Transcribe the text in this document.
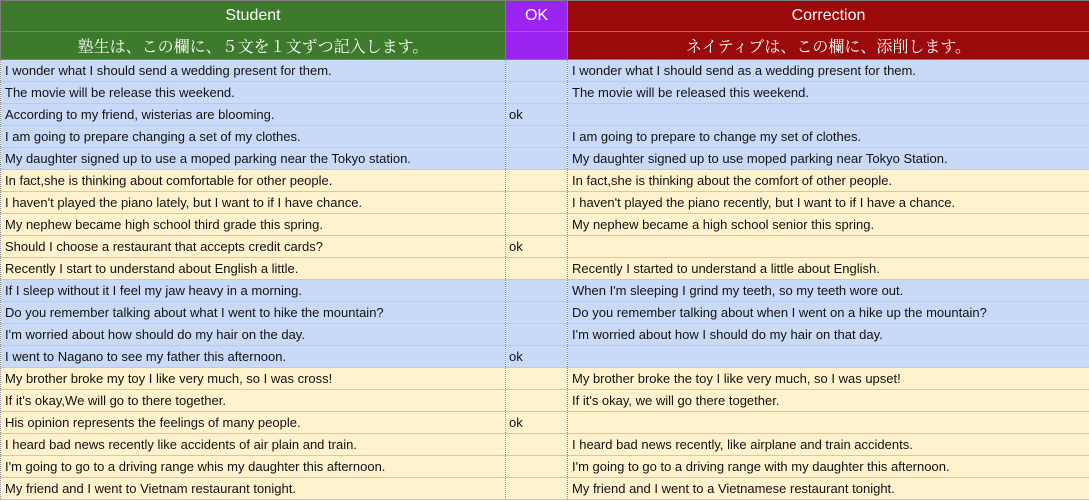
Student	OK	Correction
塾生は、この欄に、５文を１文ずつ記入します。		ネイティブは、この欄に、添削します。
I wonder what I should send a wedding present for them.		I wonder what I should send as a wedding present for them.
The movie will be release this weekend.		The movie will be released this weekend.
According to my friend, wisterias are blooming.	ok	
I am going to prepare changing a set of my clothes.		I am going to prepare to change my set of clothes.
My daughter signed up to use a moped parking near the Tokyo station.		My daughter signed up to use moped parking near Tokyo Station.
In fact,she is thinking about comfortable for other people.		In fact,she is thinking about the comfort of other people.
I haven't played the piano lately, but I want to if I have chance.		I haven't played the piano recently, but I want to if I have a chance.
My nephew became high school third grade this spring.		My nephew became a high school senior this spring.
Should I choose a restaurant that accepts credit cards?	ok	
Recently I start to understand about English a little.		Recently I started to understand a little about English.
If I sleep without it I feel my jaw heavy in a morning.		When I'm sleeping I grind my teeth, so my teeth wore out.
Do you remember talking about what I went to hike the mountain?		Do you remember talking about when I went on a hike up the mountain?
I'm worried about how should do my hair on the day.		I'm worried about how I should do my hair on that day.
I went to Nagano to see my father this afternoon.	ok	
My brother broke my toy I like very much, so I was cross!		My brother broke the toy I like very much, so I was upset!
If it's okay,We will go to there together.		If it's okay, we will go there together.
His opinion represents the feelings of many people.	ok	
I heard bad news recently like accidents of air plain and train.		I heard bad news recently, like airplane and train accidents.
I'm going to go to a driving range whis my daughter this afternoon.		I'm going to go to a driving range with my daughter this afternoon.
My friend and I went to Vietnam restaurant tonight.		My friend and I went to a Vietnamese restaurant tonight.
